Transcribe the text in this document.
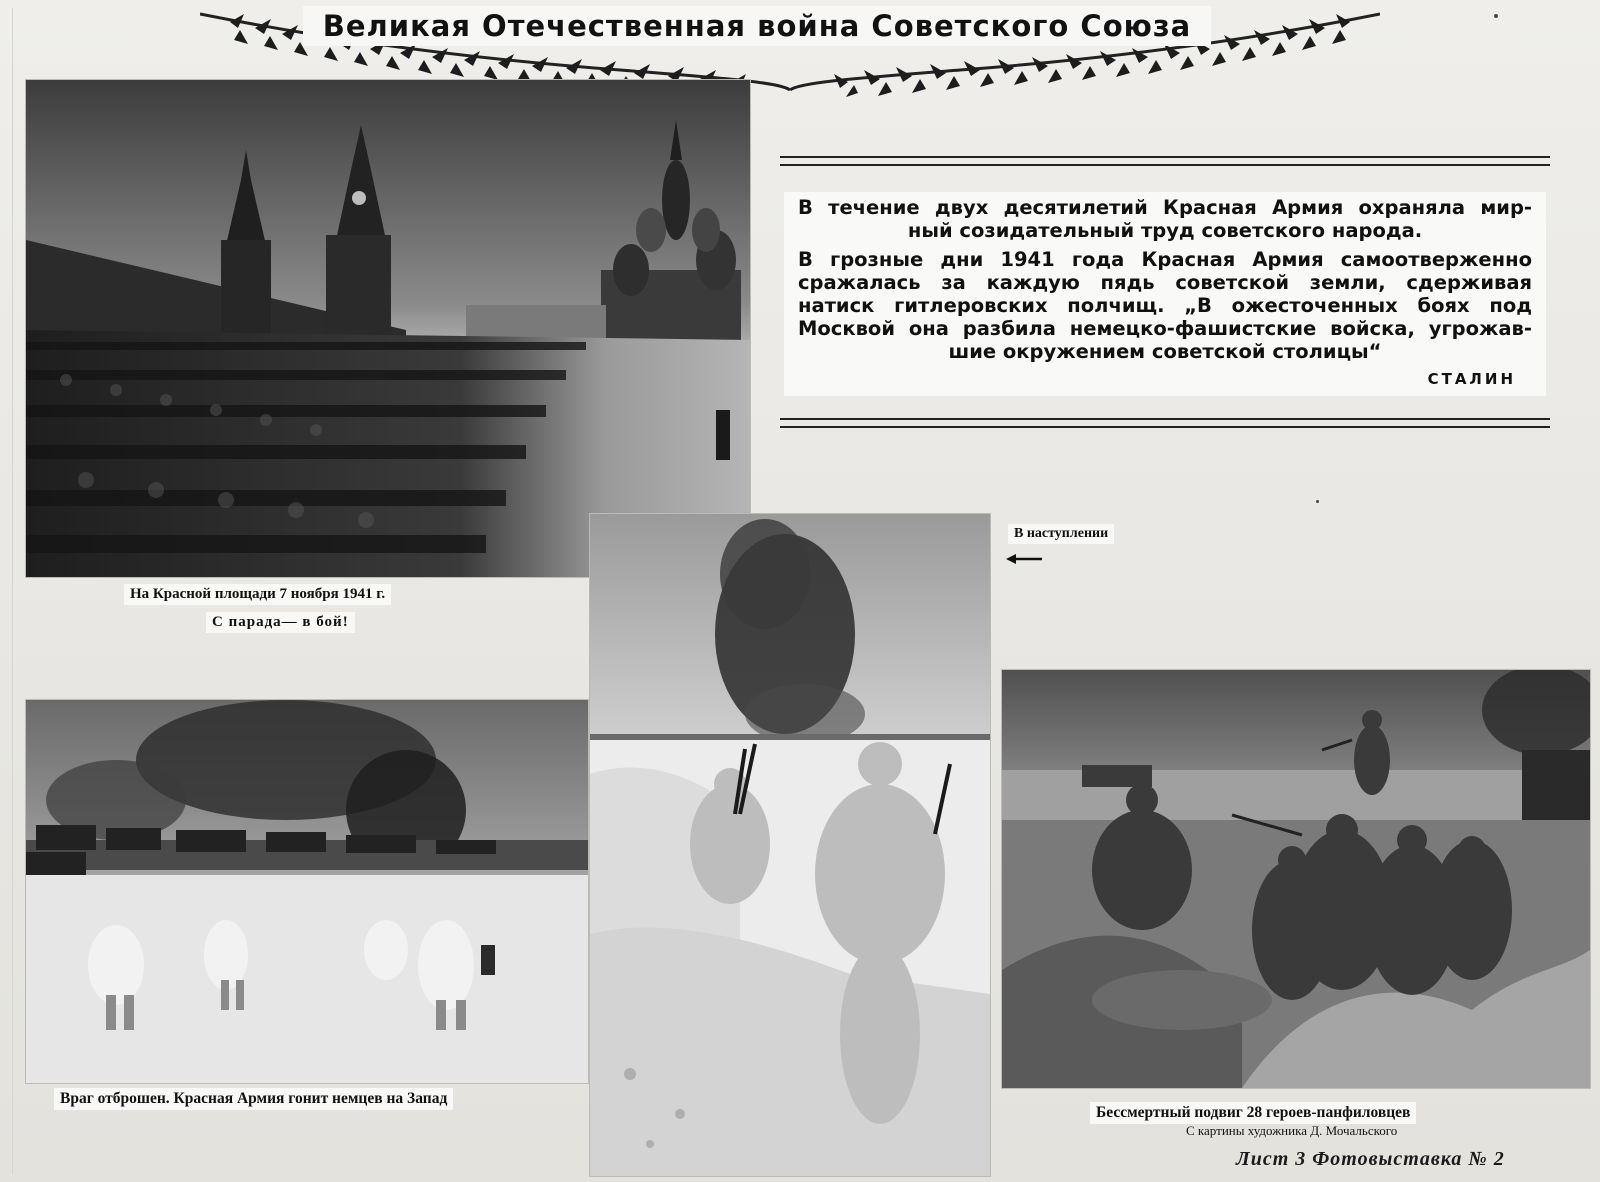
Великая Отечественная война Советского Союза
На Красной площади 7 ноября 1941 г.
С парада— в бой!
В течение двух десятилетий Красная Армия охраняла мир-
ный созидательный труд советского народа.
В грозные дни 1941 года Красная Армия самоотверженно
сражалась за каждую пядь советской земли, сдерживая
натиск гитлеровских полчищ. „В ожесточенных боях под
Москвой она разбила немецко-фашистские войска, угрожав-
шие окружением советской столицы“
СТАЛИН
В наступлении
Враг отброшен. Красная Армия гонит немцев на Запад
Бессмертный подвиг 28 героев-панфиловцев
С картины художника Д. Мочальского
Лист 3 Фотовыставка № 2
